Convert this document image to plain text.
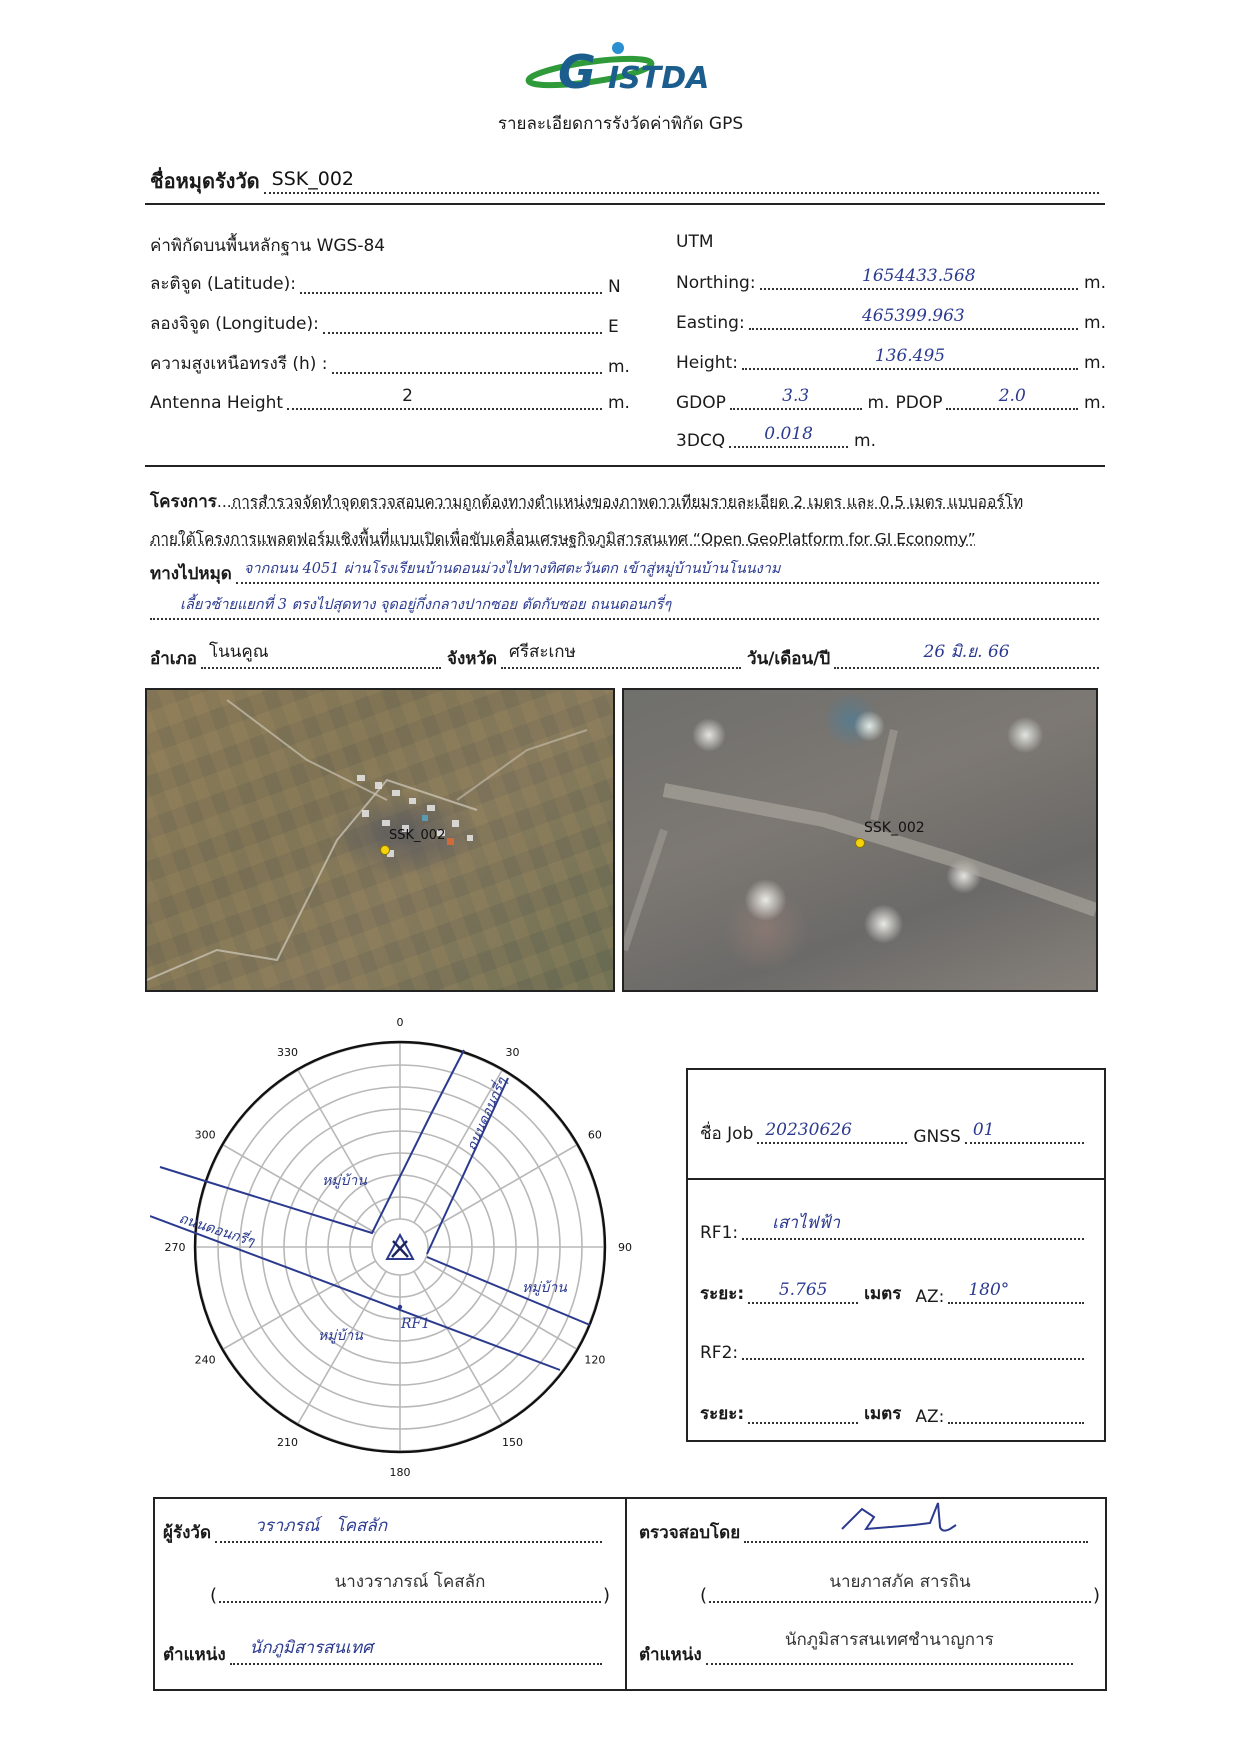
G ISTDA
รายละเอียดการรังวัดค่าพิกัด GPS
ชื่อหมุดรังวัด SSK_002
ค่าพิกัดบนพื้นหลักฐาน WGS-84
ละติจูด (Latitude):	N
ลองจิจูด (Longitude):	E
ความสูงเหนือทรงรี (h) :	m.
Antenna Height	2	m.
UTM
Northing:	1654433.568	m.
Easting:	465399.963	m.
Height:	136.495	m.
GDOP	3.3	m. PDOP	2.0	m.
3DCQ	0.018	m.
โครงการ...การสำรวจจัดทำจุดตรวจสอบความถูกต้องทางตำแหน่งของภาพดาวเทียมรายละเอียด 2 เมตร และ 0.5 เมตร แบบออร์โท
ภายใต้โครงการแพลตฟอร์มเชิงพื้นที่แบบเปิดเพื่อขับเคลื่อนเศรษฐกิจภูมิสารสนเทศ “Open GeoPlatform for GI Economy”
ทางไปหมุด จากถนน 4051 ผ่านโรงเรียนบ้านดอนม่วงไปทางทิศตะวันตก เข้าสู่หมู่บ้านบ้านโนนงาม
เลี้ยวซ้ายแยกที่ 3 ตรงไปสุดทาง จุดอยู่กึ่งกลางปากซอย ตัดกับซอย ถนนดอนกรี่ๆ
อำเภอ โนนคูณ	จังหวัด ศรีสะเกษ	วัน/เดือน/ปี	26 มิ.ย. 66
SSK_002	SSK_002
0
30
60
90
120
150
180
210
240
270
300
330
ถนนดอนกรี่ๆ
ถนนดอนกรี่ๆ
หมู่บ้าน
หมู่บ้าน
หมู่บ้าน
RF1
ชื่อ Job 20230626	GNSS 01
RF1:	เสาไฟฟ้า
ระยะ:	5.765	เมตร AZ:	180°
RF2:
ระยะ:	เมตร AZ:
ผู้รังวัด	วราภรณ์   โคสลัก
(
นางวราภรณ์ โคสลัก
)
ตำแหน่ง	นักภูมิสารสนเทศ
ตรวจสอบโดย
(
นายภาสภัค สารถิน
)
ตำแหน่ง
นักภูมิสารสนเทศชำนาญการ
